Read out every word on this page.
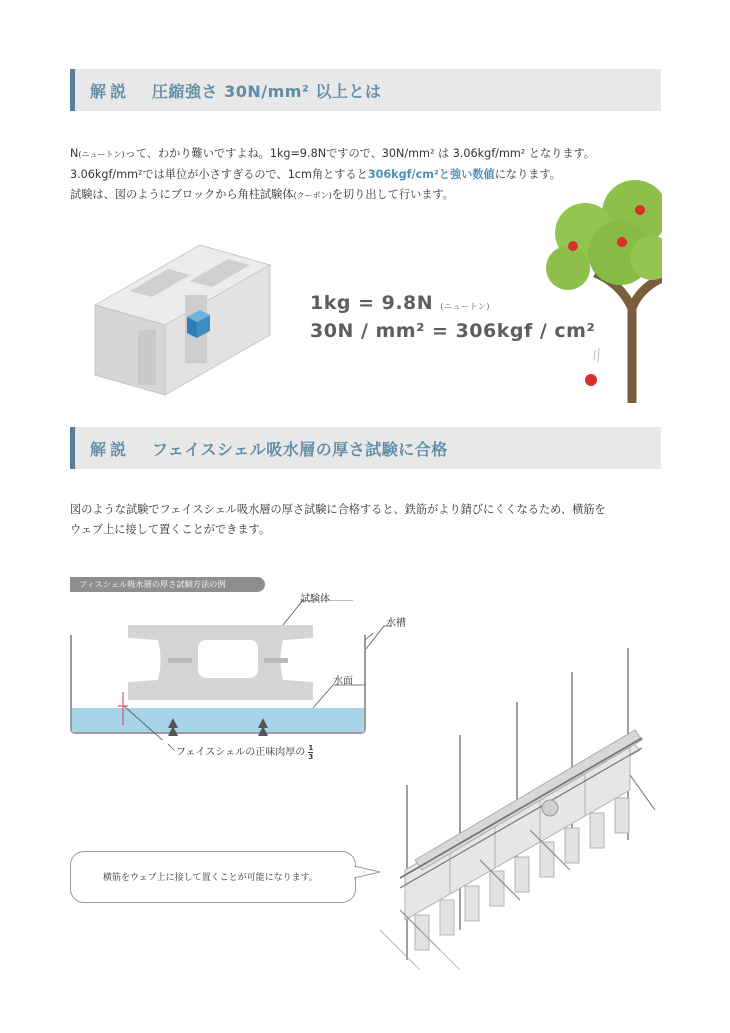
解説 圧縮強さ 30N/mm² 以上とは
N(ニュートン)って、わかり難いですよね。1kg=9.8Nですので、30N/mm² は 3.06kgf/mm² となります。
3.06kgf/mm²では単位が小さすぎるので、1cm角とすると306kgf/cm²と強い数値になります。
試験は、図のようにブロックから角柱試験体(クーポン)を切り出して行います。
1kg = 9.8N (ニュートン)
30N / mm² = 306kgf / cm²
解説 フェイスシェル吸水層の厚さ試験に合格
図のような試験でフェイスシェル吸水層の厚さ試験に合格すると、鉄筋がより錆びにくくなるため、横筋を
ウェブ上に接して置くことができます。
フィスシェル吸水層の厚さ試験方法の例
試験体
水槽
水面
フェイスシェルの正味肉厚の $\frac{1}{3}$
横筋をウェブ上に接して置くことが可能になります。
